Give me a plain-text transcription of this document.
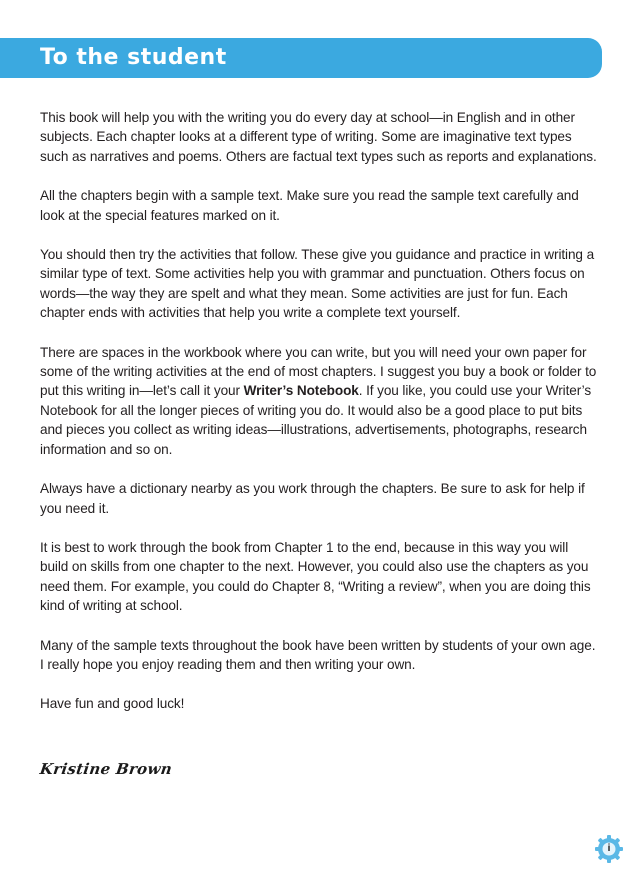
To the student

This book will help you with the writing you do every day at school—in English and in other subjects. Each chapter looks at a different type of writing. Some are imaginative text types such as narratives and poems. Others are factual text types such as reports and explanations.

All the chapters begin with a sample text. Make sure you read the sample text carefully and look at the special features marked on it.

You should then try the activities that follow. These give you guidance and practice in writing a similar type of text. Some activities help you with grammar and punctuation. Others focus on words—the way they are spelt and what they mean. Some activities are just for fun. Each chapter ends with activities that help you write a complete text yourself.

There are spaces in the workbook where you can write, but you will need your own paper for some of the writing activities at the end of most chapters. I suggest you buy a book or folder to put this writing in—let’s call it your Writer’s Notebook. If you like, you could use your Writer’s Notebook for all the longer pieces of writing you do. It would also be a good place to put bits and pieces you collect as writing ideas—illustrations, advertisements, photographs, research information and so on.

Always have a dictionary nearby as you work through the chapters. Be sure to ask for help if you need it.

It is best to work through the book from Chapter 1 to the end, because in this way you will build on skills from one chapter to the next. However, you could also use the chapters as you need them. For example, you could do Chapter 8, “Writing a review”, when you are doing this kind of writing at school.

Many of the sample texts throughout the book have been written by students of your own age. I really hope you enjoy reading them and then writing your own.

Have fun and good luck!

Kristine Brown
i
